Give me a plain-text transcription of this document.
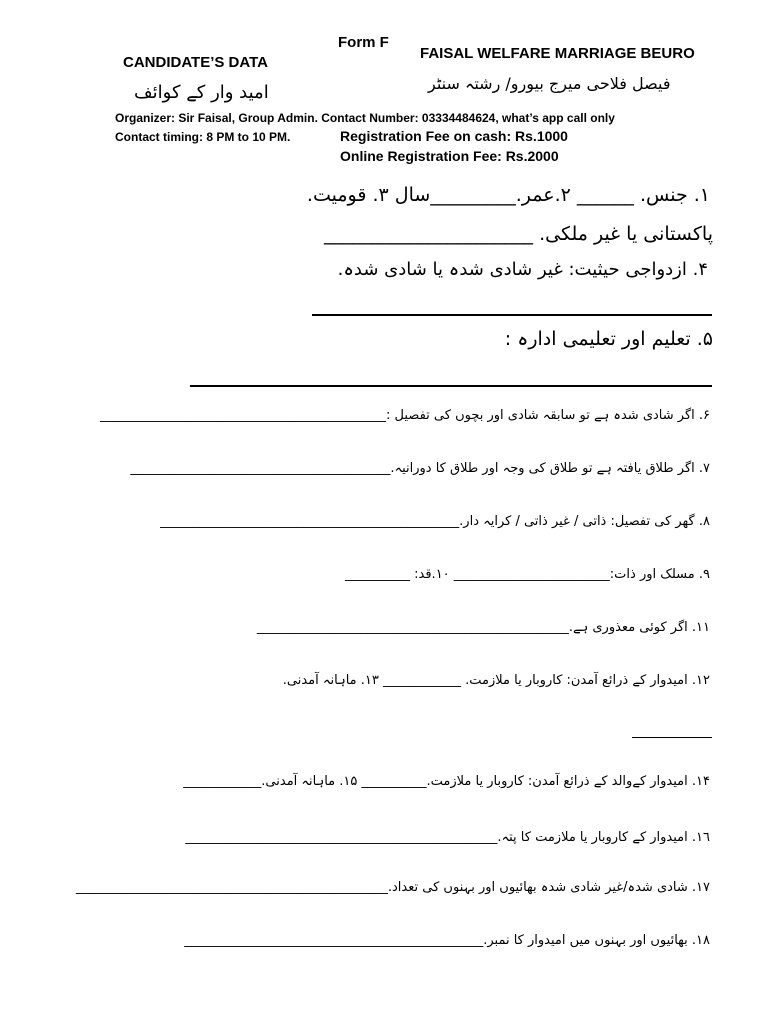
Form F
CANDIDATE’S DATA
FAISAL WELFARE MARRIAGE BEURO
امید وار کے کوائف	فیصل فلاحی میرج بیورو/ رشتہ سنٹر
Organizer: Sir Faisal, Group Admin. Contact Number: 03334484624, what’s app call only
Contact timing: 8 PM to 10 PM.	Registration Fee on cash: Rs.1000
Online Registration Fee: Rs.2000
۱. جنس. ______ ۲.عمر._________سال ۳. قومیت.
پاکستانی یا غیر ملکی. ______________________
۴. ازدواجی حیثیت: غیر شادی شدہ یا شادی شدہ.
۵. تعلیم اور تعلیمی ادارہ :
۶. اگر شادی شدہ ہے تو سابقہ شادی اور بچوں کی تفصیل :____________________________________________
۷. اگر طلاق یافتہ ہے تو طلاق کی وجہ اور طلاق کا دورانیہ.________________________________________
۸. گھر کی تفصیل: ذاتی / غیر ذاتی / کرایہ دار.______________________________________________
۹. مسلک اور ذات:________________________ ۱۰.قد: __________
۱۱. اگر کوئی معذوری ہے.________________________________________________
۱۲. امیدوار کے ذرائع آمدن: کاروبار یا ملازمت. ____________ ۱۳. ماہانہ آمدنی.
۱۴. امیدوار کےوالد کے ذرائع آمدن: کاروبار یا ملازمت.__________ ۱۵. ماہانہ آمدنی.____________
۱٦. امیدوار کے کاروبار یا ملازمت کا پتہ.________________________________________________
۱۷. شادی شدہ/غیر شادی شدہ بھائیوں اور بہنوں کی تعداد.________________________________________________
۱۸. بھائیوں اور بہنوں میں امیدوار کا نمبر.______________________________________________
